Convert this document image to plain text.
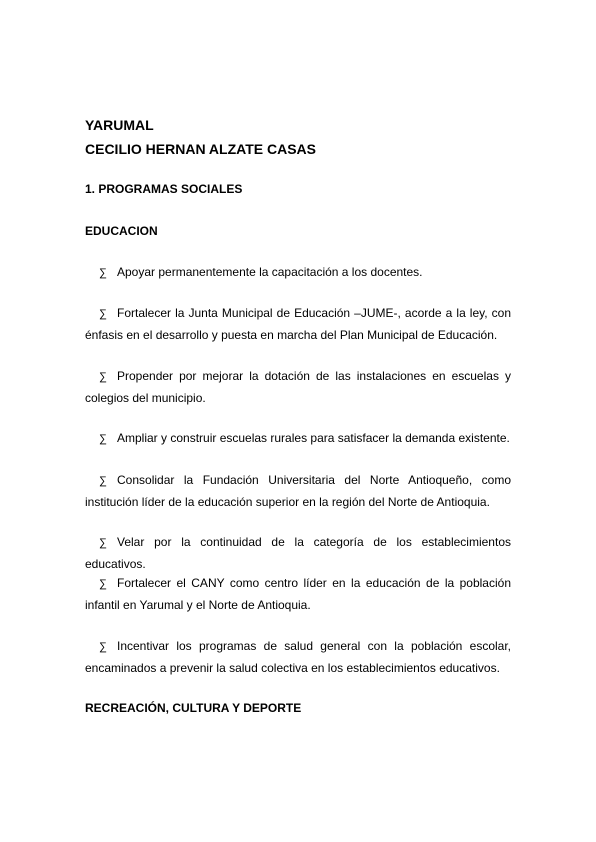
YARUMAL
CECILIO HERNAN ALZATE CASAS
1. PROGRAMAS SOCIALES
EDUCACION
∑ Apoyar permanentemente la capacitación a los docentes.
∑ Fortalecer la Junta Municipal de Educación –JUME-, acorde a la ley, con énfasis en el desarrollo y puesta en marcha del Plan Municipal de Educación.
∑ Propender por mejorar la dotación de las instalaciones en escuelas y colegios del municipio.
∑ Ampliar y construir escuelas rurales para satisfacer la demanda existente.
∑ Consolidar la Fundación Universitaria del Norte Antioqueño, como institución líder de la educación superior en la región del Norte de Antioquia.
∑ Velar por la continuidad de la categoría de los establecimientos educativos.
∑ Fortalecer el CANY como centro líder en la educación de la población infantil en Yarumal y el Norte de Antioquia.
∑ Incentivar los programas de salud general con la población escolar, encaminados a prevenir la salud colectiva en los establecimientos educativos.
RECREACIÓN, CULTURA Y DEPORTE
